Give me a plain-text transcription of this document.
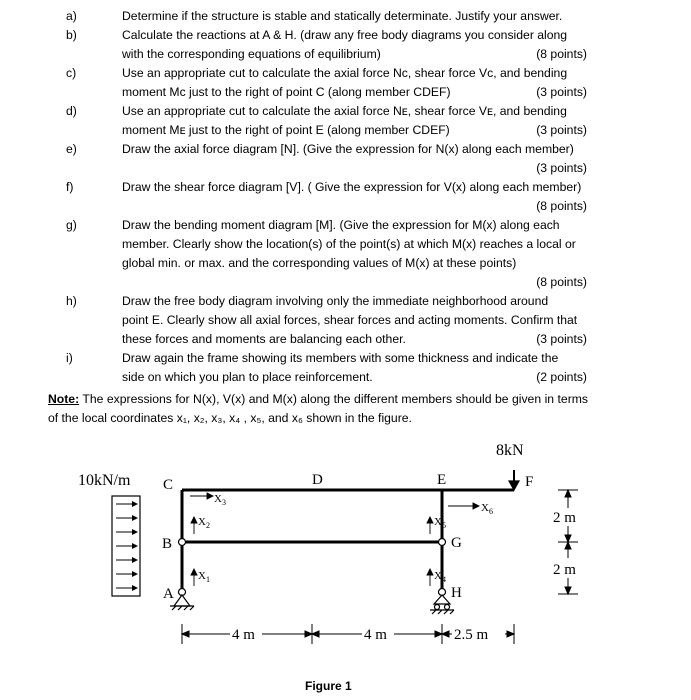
a)	Determine if the structure is stable and statically determinate. Justify your answer.
b)	Calculate the reactions at A & H. (draw any free body diagrams you consider along
with the corresponding equations of equilibrium)	(8 points)
c)	Use an appropriate cut to calculate the axial force Nᴄ, shear force Vᴄ, and bending
moment Mᴄ just to the right of point C (along member CDEF)	(3 points)
d)	Use an appropriate cut to calculate the axial force Nᴇ, shear force Vᴇ, and bending
moment Mᴇ just to the right of point E (along member CDEF)	(3 points)
e)	Draw the axial force diagram [N]. (Give the expression for N(x) along each member)
(3 points)
f)	Draw the shear force diagram [V]. ( Give the expression for V(x) along each member)
(8 points)
g)	Draw the bending moment diagram [M]. (Give the expression for M(x) along each
member. Clearly show the location(s) of the point(s) at which M(x) reaches a local or
global min. or max. and the corresponding values of M(x) at these points)
(8 points)
h)	Draw the free body diagram involving only the immediate neighborhood around
point E. Clearly show all axial forces, shear forces and acting moments. Confirm that
these forces and moments are balancing each other.	(3 points)
i)	Draw again the frame showing its members with some thickness and indicate the
side on which you plan to place reinforcement.	(2 points)
Note: The expressions for N(x), V(x) and M(x) along the different members should be given in terms of the local coordinates x₁, x₂, x₃, x₄ , x₅, and x₆ shown in the figure.
10kN/m
8kN
C
B
A
D	E	F
G
H
$X_1$
$X_2$
$X_3$
$X_4$
$X_5$
$X_6$
4 m	4 m	2.5 m
2 m
2 m
Figure 1
